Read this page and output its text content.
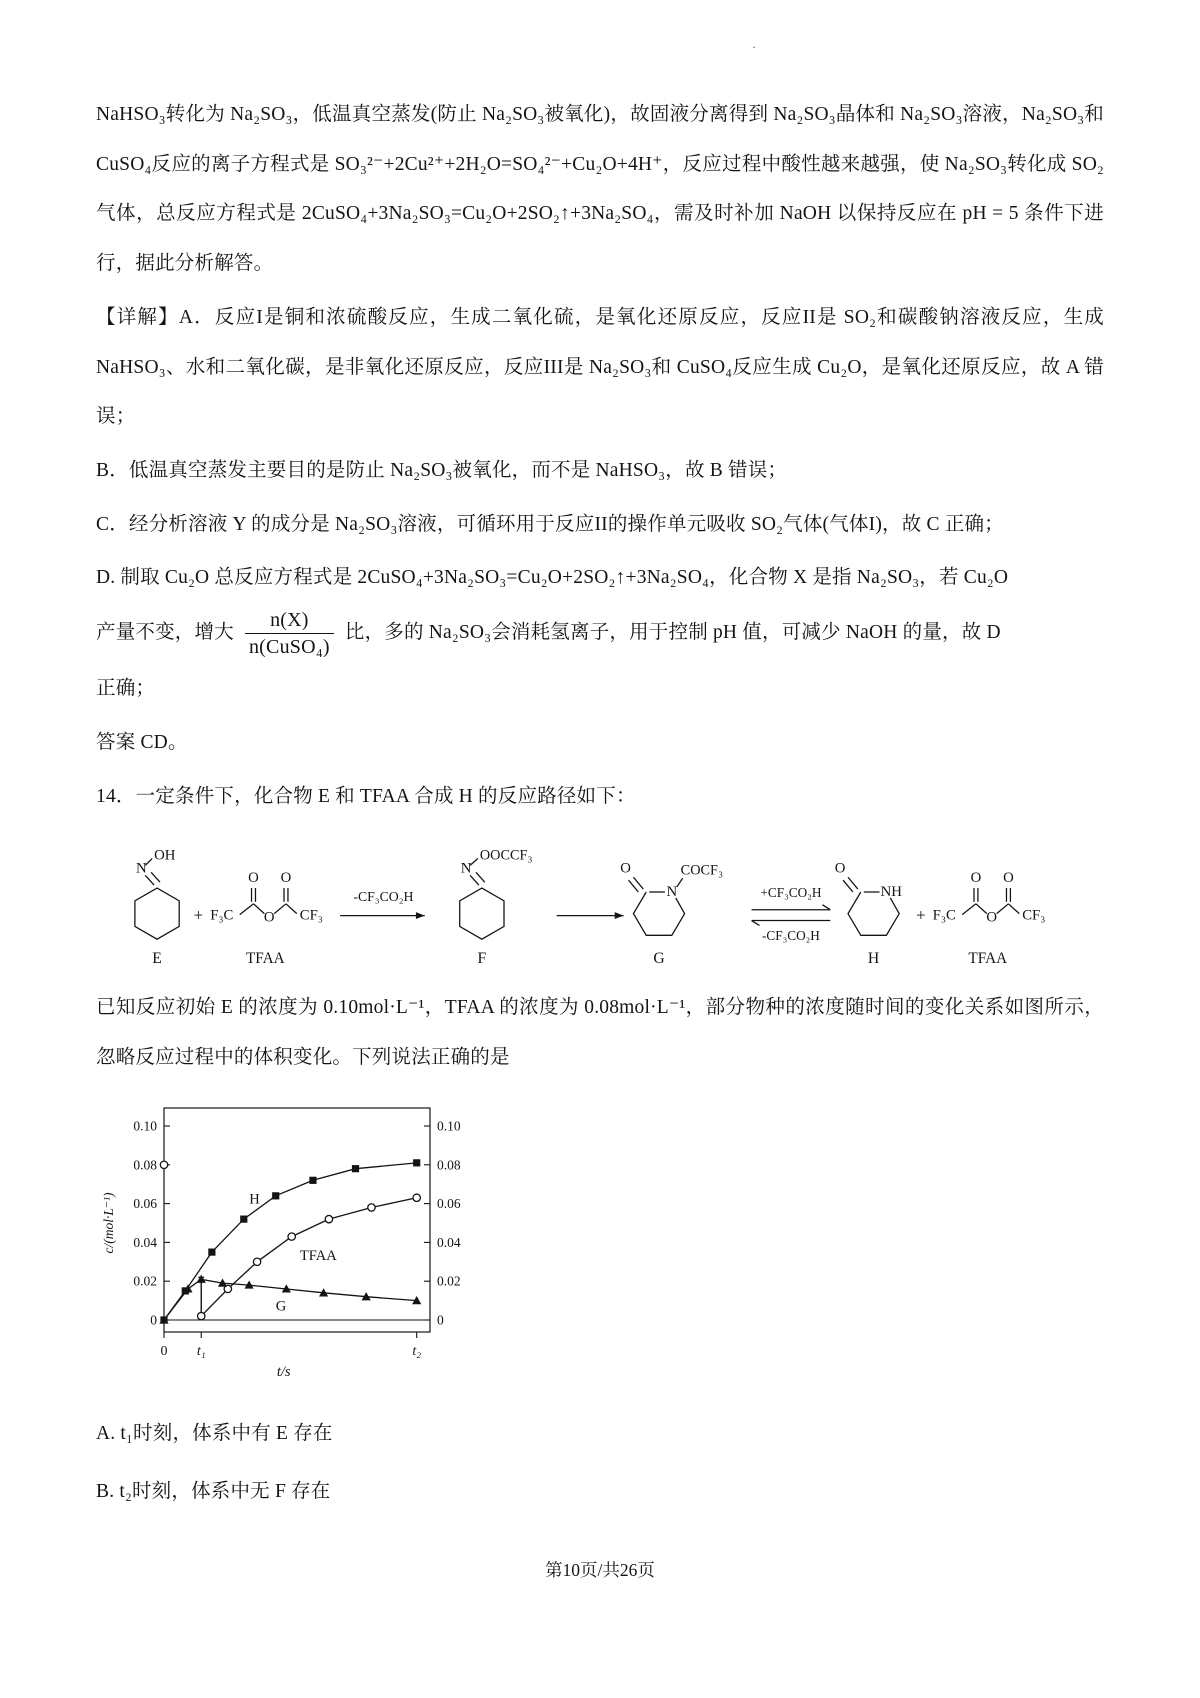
·

NaHSO₃转化为 Na₂SO₃，低温真空蒸发(防止 Na₂SO₃被氧化)，故固液分离得到 Na₂SO₃晶体和 Na₂SO₃溶液，Na₂SO₃和 CuSO₄反应的离子方程式是 SO₃²⁻+2Cu²⁺+2H₂O=SO₄²⁻+Cu₂O+4H⁺，反应过程中酸性越来越强，使 Na₂SO₃转化成 SO₂气体，总反应方程式是 2CuSO₄+3Na₂SO₃=Cu₂O+2SO₂↑+3Na₂SO₄，需及时补加 NaOH 以保持反应在 pH = 5 条件下进行，据此分析解答。

【详解】A．反应I是铜和浓硫酸反应，生成二氧化硫，是氧化还原反应，反应II是 SO₂和碳酸钠溶液反应，生成 NaHSO₃、水和二氧化碳，是非氧化还原反应，反应III是 Na₂SO₃和 CuSO₄反应生成 Cu₂O，是氧化还原反应，故 A 错误；

B．低温真空蒸发主要目的是防止 Na₂SO₃被氧化，而不是 NaHSO₃，故 B 错误；

C．经分析溶液 Y 的成分是 Na₂SO₃溶液，可循环用于反应II的操作单元吸收 SO₂气体(气体I)，故 C 正确；

D. 制取 Cu₂O 总反应方程式是 2CuSO₄+3Na₂SO₃=Cu₂O+2SO₂↑+3Na₂SO₄，化合物 X 是指 Na₂SO₃，若 Cu₂O

产量不变，增大 $\frac{n(X)}{\text{n(CuSO₄)}}$ 比，多的 Na₂SO₃会消耗氢离子，用于控制 pH 值，可减少 NaOH 的量，故 D

正确；

答案 CD。

14．一定条件下，化合物 E 和 TFAA 合成 H 的反应路径如下：

N
OH
E
+ F₃C
O
O
O
CF₃
TFAA
-CF₃CO₂H
N
OOCCF₃
F
O
N
COCF₃
G
+CF₃CO₂H
-CF₃CO₂H
O
NH
H
+ F₃C
O
O
O
CF₃
TFAA

已知反应初始 E 的浓度为 0.10mol·L⁻¹，TFAA 的浓度为 0.08mol·L⁻¹，部分物种的浓度随时间的变化关系如图所示，忽略反应过程中的体积变化。下列说法正确的是

0	0
0.02	0.02
0.04	0.04
0.06	0.06
0.08	0.08
0.10	0.10
0 t₁	t₂
t/s
c/(mol·L⁻¹)	H
TFAA
G

A. t₁时刻，体系中有 E 存在

B. t₂时刻，体系中无 F 存在

第10页/共26页
